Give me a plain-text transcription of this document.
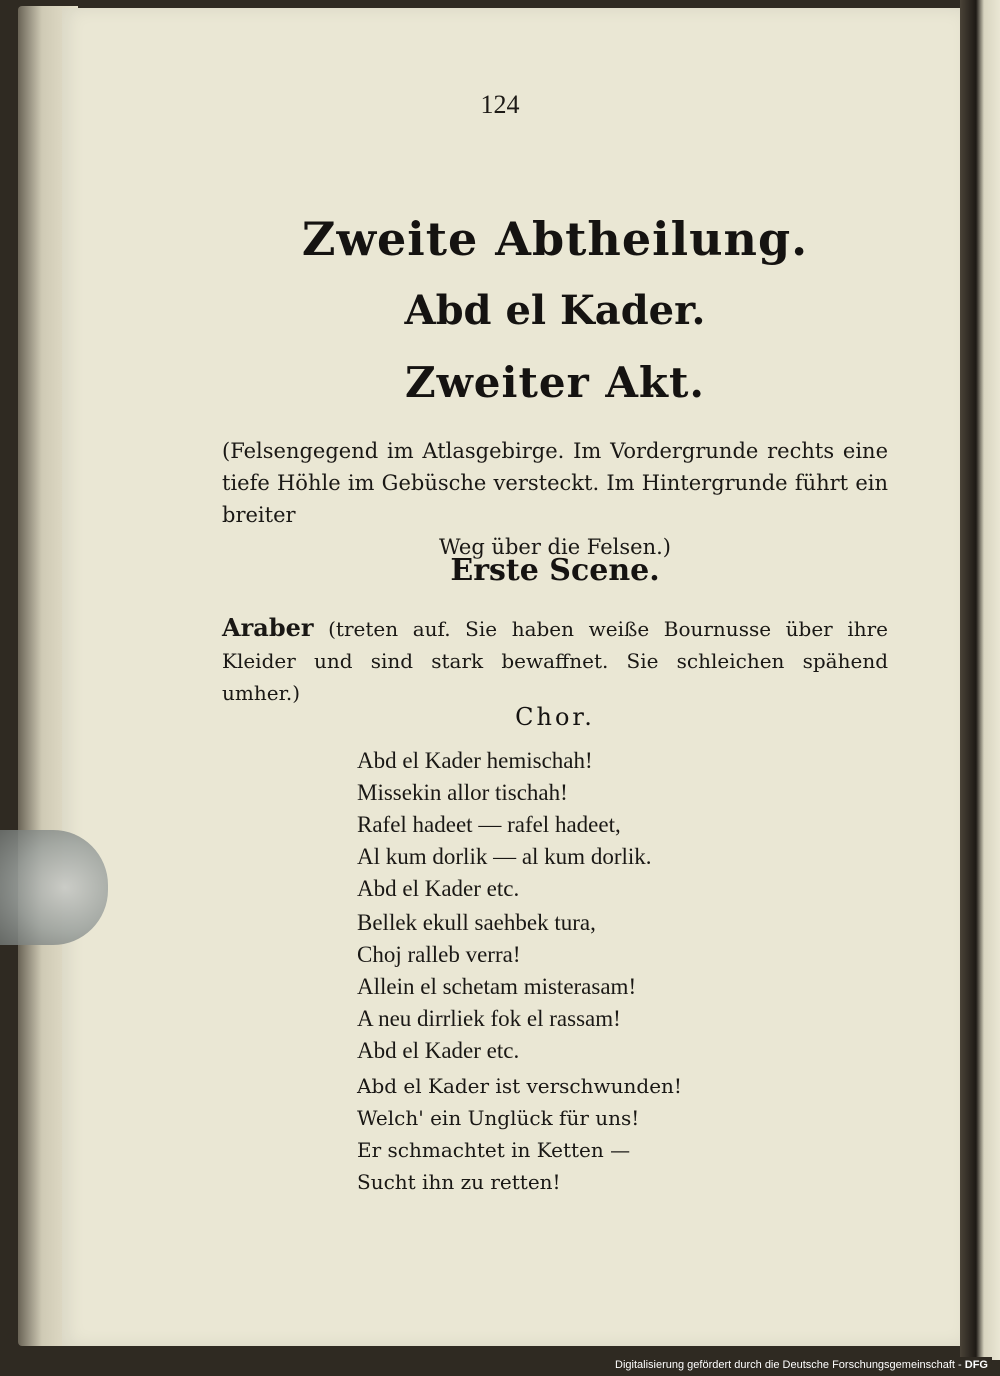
124
Zweite Abtheilung.
Abd el Kader.
Zweiter Akt.
(Felsengegend im Atlasgebirge. Im Vordergrunde rechts eine tiefe Höhle im Gebüsche versteckt. Im Hintergrunde führt ein breiter
Weg über die Felsen.)
Erste Scene.
Araber (treten auf. Sie haben weiße Bournusse über ihre Kleider und sind stark bewaffnet. Sie schleichen spähend umher.)
Chor.
Abd el Kader hemischah!
Missekin allor tischah!
Rafel hadeet — rafel hadeet,
Al kum dorlik — al kum dorlik.
Abd el Kader etc.
Bellek ekull saehbek tura,
Choj ralleb verra!
Allein el schetam misterasam!
A neu dirrliek fok el rassam!
Abd el Kader etc.
Abd el Kader ist verschwunden!
Welch' ein Unglück für uns!
Er schmachtet in Ketten —
Sucht ihn zu retten!
Digitalisierung gefördert durch die Deutsche Forschungsgemeinschaft - DFG
